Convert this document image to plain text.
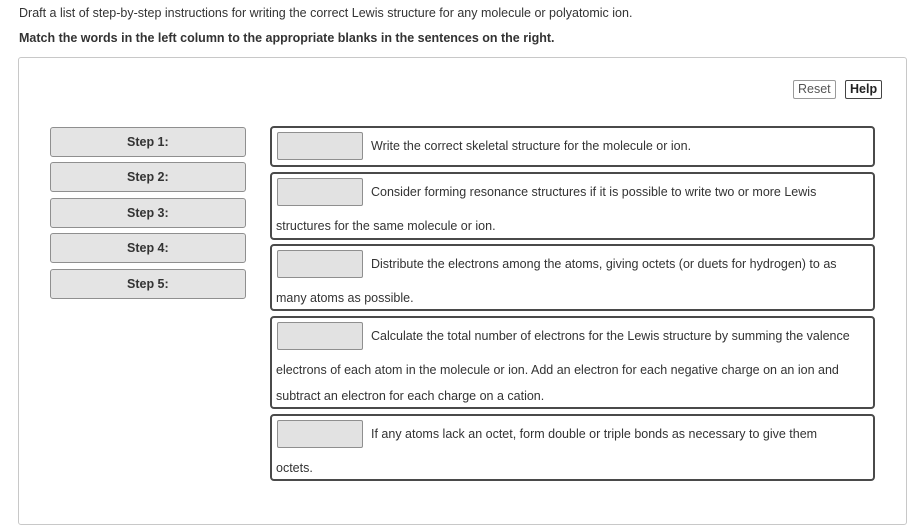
Draft a list of step-by-step instructions for writing the correct Lewis structure for any molecule or polyatomic ion.
Match the words in the left column to the appropriate blanks in the sentences on the right.
Reset	Help
Step 1:
Step 2:
Step 3:
Step 4:
Step 5:
Write the correct skeletal structure for the molecule or ion.
Consider forming resonance structures if it is possible to write two or more Lewis
structures for the same molecule or ion.
Distribute the electrons among the atoms, giving octets (or duets for hydrogen) to as
many atoms as possible.
Calculate the total number of electrons for the Lewis structure by summing the valence
electrons of each atom in the molecule or ion. Add an electron for each negative charge on an ion and subtract an electron for each charge on a cation.
If any atoms lack an octet, form double or triple bonds as necessary to give them
octets.
